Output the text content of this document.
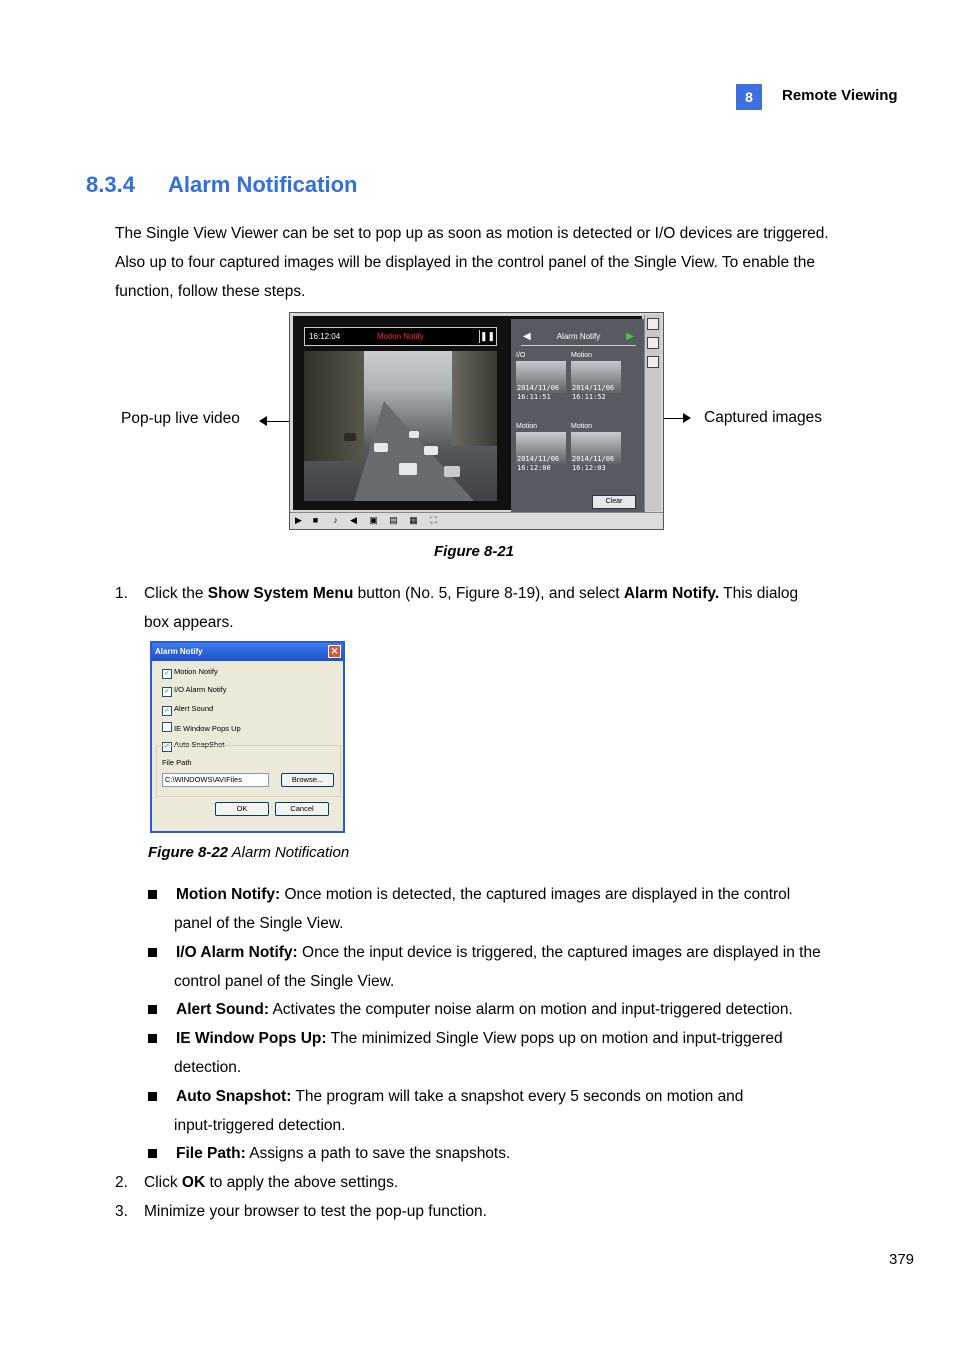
8	Remote Viewing
8.3.4 Alarm Notification
The Single View Viewer can be set to pop up as soon as motion is detected or I/O devices are triggered. Also up to four captured images will be displayed in the control panel of the Single View. To enable the function, follow these steps.
Pop-up live video	Captured images
16:12:04	Motion Notify	❚❚	◀	Alarm Notify	▶
I/O
2014/11/06
16:11:51
Motion
2014/11/06
16:11:52
Motion
2014/11/06
16:12:00
Motion
2014/11/06
16:12:03
Clear
▶	■	♪	◀ ▣ ▤ ▦ ⛶
Figure 8-21
1. Click the Show System Menu button (No. 5, Figure 8-19), and select Alarm Notify. This dialog
box appears.
Alarm Notify	✕
✓ Motion Notify
✓ I/O Alarm Notify
✓ Alert Sound
IE Window Pops Up
✓ Auto SnapShot
File Path
C:\WINDOWS\AVIFiles	Browse...
OK	Cancel
Figure 8-22 Alarm Notification
Motion Notify: Once motion is detected, the captured images are displayed in the control
panel of the Single View.
I/O Alarm Notify: Once the input device is triggered, the captured images are displayed in the
control panel of the Single View.
Alert Sound: Activates the computer noise alarm on motion and input-triggered detection.
IE Window Pops Up: The minimized Single View pops up on motion and input-triggered
detection.
Auto Snapshot: The program will take a snapshot every 5 seconds on motion and
input-triggered detection.
File Path: Assigns a path to save the snapshots.
2. Click OK to apply the above settings.
3. Minimize your browser to test the pop-up function.
379
